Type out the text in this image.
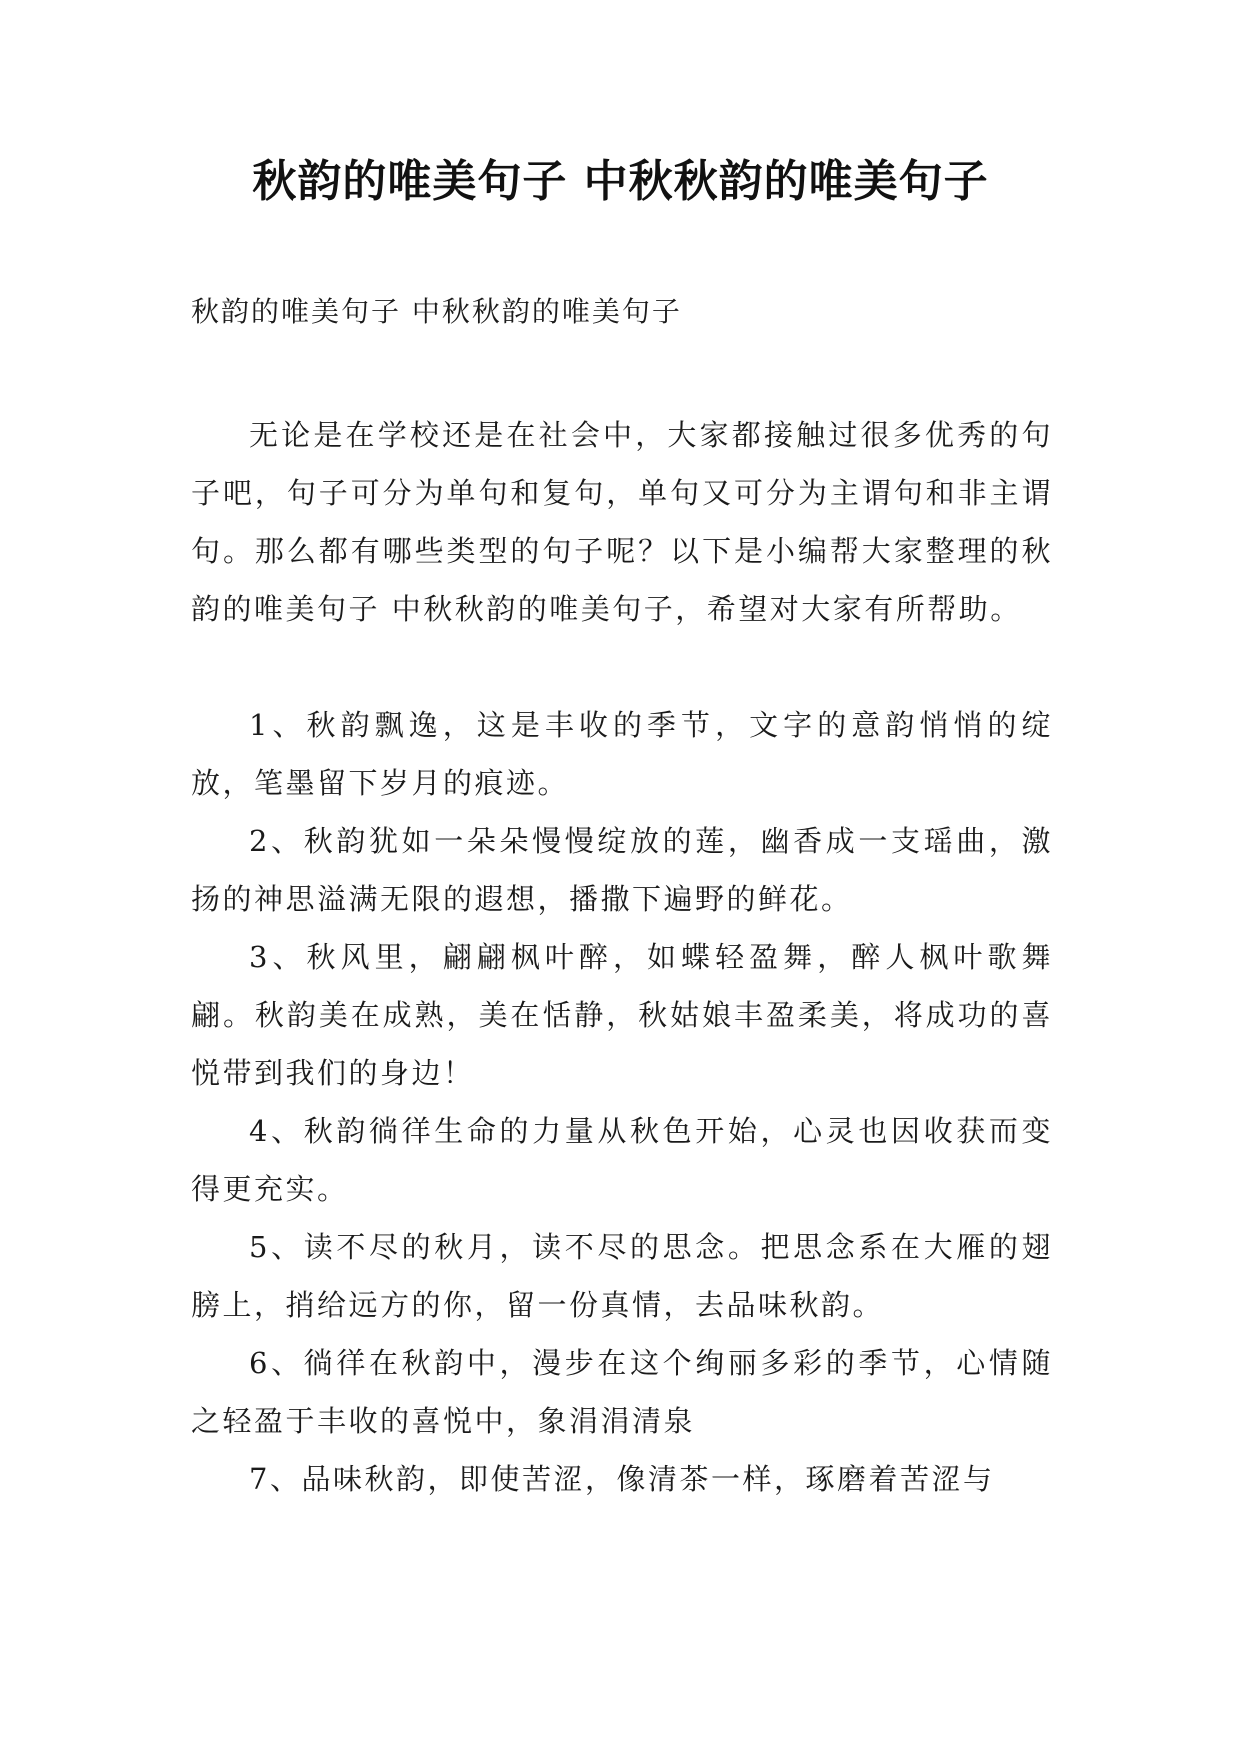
秋韵的唯美句子 中秋秋韵的唯美句子
秋韵的唯美句子 中秋秋韵的唯美句子

无论是在学校还是在社会中，大家都接触过很多优秀的句子吧，句子可分为单句和复句，单句又可分为主谓句和非主谓句。那么都有哪些类型的句子呢？以下是小编帮大家整理的秋韵的唯美句子 中秋秋韵的唯美句子，希望对大家有所帮助。

1、秋韵飘逸，这是丰收的季节，文字的意韵悄悄的绽放，笔墨留下岁月的痕迹。

2、秋韵犹如一朵朵慢慢绽放的莲，幽香成一支瑶曲，激扬的神思溢满无限的遐想，播撒下遍野的鲜花。

3、秋风里，翩翩枫叶醉，如蝶轻盈舞，醉人枫叶歌舞翩。秋韵美在成熟，美在恬静，秋姑娘丰盈柔美，将成功的喜悦带到我们的身边！

4、秋韵徜徉生命的力量从秋色开始，心灵也因收获而变得更充实。

5、读不尽的秋月，读不尽的思念。把思念系在大雁的翅膀上，捎给远方的你，留一份真情，去品味秋韵。

6、徜徉在秋韵中，漫步在这个绚丽多彩的季节，心情随之轻盈于丰收的喜悦中，象涓涓清泉

7、品味秋韵，即使苦涩，像清茶一样，琢磨着苦涩与
